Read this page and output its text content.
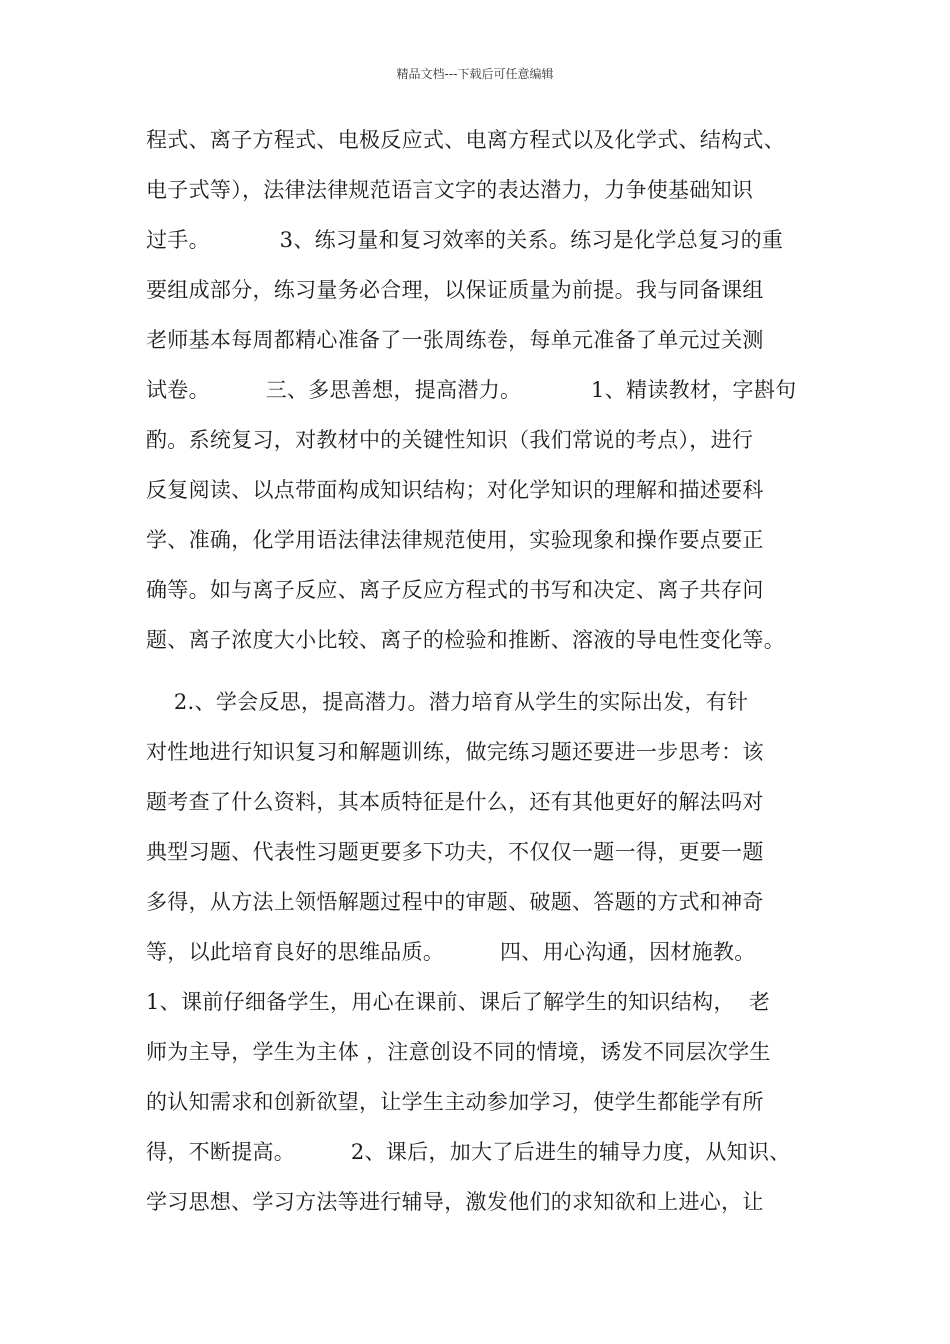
精品文档---下载后可任意编辑
程式、离子方程式、电极反应式、电离方程式以及化学式、结构式、
电子式等），法律法律规范语言文字的表达潜力，力争使基础知识
过手。          3、练习量和复习效率的关系。练习是化学总复习的重
要组成部分，练习量务必合理，以保证质量为前提。我与同备课组
老师基本每周都精心准备了一张周练卷，每单元准备了单元过关测
试卷。        三、多思善想，提高潜力。          1、精读教材，字斟句
酌。系统复习，对教材中的关键性知识（我们常说的考点），进行
反复阅读、以点带面构成知识结构；对化学知识的理解和描述要科
学、准确，化学用语法律法律规范使用，实验现象和操作要点要正
确等。如与离子反应、离子反应方程式的书写和决定、离子共存问
题、离子浓度大小比较、离子的检验和推断、溶液的导电性变化等。
2.、学会反思，提高潜力。潜力培育从学生的实际出发，有针
对性地进行知识复习和解题训练，做完练习题还要进一步思考：该
题考查了什么资料，其本质特征是什么，还有其他更好的解法吗对
典型习题、代表性习题更要多下功夫，不仅仅一题一得，更要一题
多得，从方法上领悟解题过程中的审题、破题、答题的方式和神奇
等，以此培育良好的思维品质。        四、用心沟通，因材施教。
1、课前仔细备学生，用心在课前、课后了解学生的知识结构，  老
师为主导，学生为主体 ，注意创设不同的情境，诱发不同层次学生
的认知需求和创新欲望，让学生主动参加学习，使学生都能学有所
得，不断提高。        2、课后，加大了后进生的辅导力度，从知识、
学习思想、学习方法等进行辅导，激发他们的求知欲和上进心，让
